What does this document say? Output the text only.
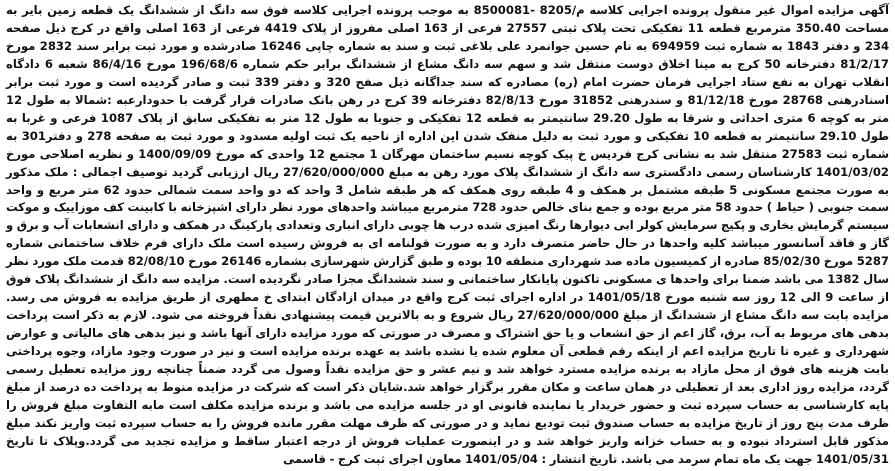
آگهی مزایده اموال غیر منقول پرونده اجرایی کلاسه م/8205 -8500081 به موجب پرونده اجرایی کلاسه فوق سه دانگ از ششدانگ یک قطعه زمین بایر به مساحت 350.40 مترمربع قطعه 11 تفکیکی تحت پلاک ثبتی 27557 فرعی از 163 اصلی مفروز از پلاک 4419 فرعی از 163 اصلی واقع در کرج ذیل صفحه 234 و دفتر 1843 به شماره ثبت 694959 به نام حسین جوانمرد علی بلاغی ثبت و سند به شماره چاپی 16246 صادرشده و مورد ثبت برابر سند 2832 مورخ 81/2/17 دفترخانه 50 کرج به مینا اخلاق دوست منتقل شد و سهم سه دانگ مشاع از ششدانگ برابر حکم شماره 196/68/6 مورخ 86/4/16 شعبه 6 دادگاه انقلاب تهران به نفع ستاد اجرایی فرمان حضرت امام (ره) مصادره که سند جداگانه ذیل صفح 320 و دفتر 339 ثبت و صادر گردیده است و مورد ثبت برابر اسنادرهنی 28768 مورخ 81/12/18 و سندرهنی 31852 مورخ 82/8/13 دفترخانه 39 کرج در رهن بانک صادرات قرار گرفت با حدودارعبه :شمالا به طول 12 متر به کوچه 6 متری احداثی و شرقا به طول 29.20 سانتیمتر به قطعه 12 تفکیکی و جنوبا به طول 12 متر به تفکیکی سابق از پلاک 1087 فرعی و غربا به طول 29.10 سانتیمتر به قطعه 10 تفکیکی و مورد ثبت به دلیل منفک شدن این اداره از ناحیه یک ثبت اولیه مسدود و مورد ثبت به صفحه 278 و دفتر301 به شماره ثبت 27583 منتقل شد به نشانی کرج فردیس خ پیک کوچه نسیم ساختمان مهرگان 1 مجتمع 12 واحدی که مورخ 1400/09/09 و نظریه اصلاحی مورخ 1401/03/02 کارشناسان رسمی دادگستری سه دانگ از ششدانگ پلاک مورد رهن به مبلغ 27/620/000/000 ریال ارزیابی گردید توصیف اجمالی : ملک مذکور به صورت مجتمع مسکونی 5 طبقه مشتمل بر همکف و 4 طبقه روی همکف که هر طبقه شامل 3 واحد که دو واحد سمت شمالی حدود 62 متر مربع و واحد سمت جنوبی ( حیاط ) حدود 58 متر مربع بوده و جمع بنای خالص حدود 728 مترمربع میباشد واحدهای مورد نظر دارای اشپزخانه با کابینت کف موزاییک و موکت سیستم گرمایش بخاری و پکیج سرمایش کولر ابی دیوارها رنگ امیزی شده درب ها چوبی دارای انباری وتعدادی پارکینگ در همکف و دارای انشعابات آب و برق و گاز و فاقد آسانسور میباشد کلیه واحدها در حال حاضر متصرف دارد و به صورت قولنامه ای به فروش رسیده است ملک دارای فرم خلاف ساختمانی شماره 5287 مورخ 85/02/30 صادره از کمیسیون ماده صد شهرداری منطقه 10 بوده و طبق گزارش شهرسازی بشماره 26146 مورخ 82/08/10 قدمت ملک مورد نظر سال 1382 می باشد ضمنا برای واحدها ی مسکونی تاکنون پایانکار ساختمانی و سند ششدانگ مجزا صادر نگردیده است. مزایده سه دانگ از ششدانگ پلاک فوق از ساعت 9 الی 12 روز سه شنبه مورخ 1401/05/18 در اداره اجرای ثبت کرج واقع در میدان ازادگان ابتدای خ مطهری از طریق مزایده به فروش می رسد. مزایده بابت سه دانگ مشاع از ششدانگ از مبلغ 27/620/000/000 ریال شروع و به بالاترین قیمت پیشنهادی نقداً فروخته می شود. لازم به ذکر است پرداخت بدهی های مربوط به آب، برق، گاز اعم از حق انشعاب و یا حق اشتراک و مصرف در صورتی که مورد مزایده دارای آنها باشد و نیز بدهی های مالیاتی و عوارض شهرداری و غیره تا تاریخ مزایده اعم از اینکه رقم قطعی آن معلوم شده یا نشده باشد به عهده برنده مزایده است و نیز در صورت وجود مازاد، وجوه پرداختی بابت هزینه های فوق از محل مازاد به برنده مزایده مسترد خواهد شد و نیم عشر و حق مزایده نقداً وصول می گردد ضمناً چنانچه روز مزایده تعطیل رسمی گردد، مزایده روز اداری بعد از تعطیلی در همان ساعت و مکان مقرر برگزار خواهد شد.شایان ذکر است که شرکت در مزایده منوط به پرداخت ده درصد از مبلغ پایه کارشناسی به حساب سپرده ثبت و حضور خریدار یا نماینده قانونی او در جلسه مزایده می باشد و برنده مزایده مکلف است مابه التفاوت مبلغ فروش را ظرف مدت پنج روز از تاریخ مزایده به حساب صندوق ثبت تودیع نماید و در صورتی که ظرف مهلت مقرر مانده فروش را به حساب سپرده ثبت واریز نکند مبلغ مذکور قابل استرداد نبوده و به حساب خزانه واریز خواهد شد و در اینصورت عملیات فروش از درجه اعتبار ساقط و مزایده تجدید می گردد.وپلاک تا تاریخ 1401/05/31 جهت یک ماه تمام سرمد می باشد. تاریخ انتشار : 1401/05/04 معاون اجرای ثبت کرج - قاسمی
